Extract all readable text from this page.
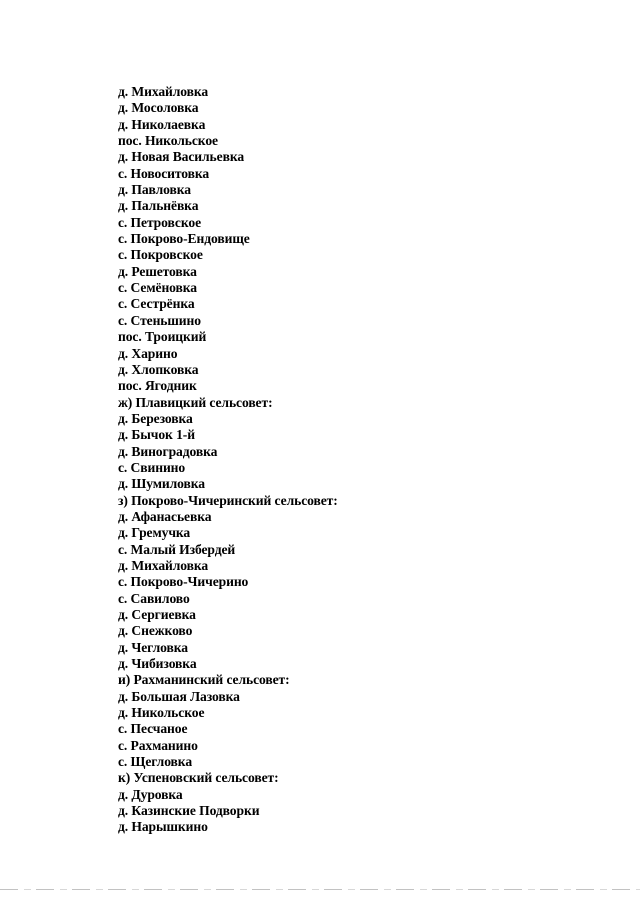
д. Михайловка
д. Мосоловка
д. Николаевка
пос. Никольское
д. Новая Васильевка
с. Новоситовка
д. Павловка
д. Пальнёвка
с. Петровское
с. Покрово-Ендовище
с. Покровское
д. Решетовка
с. Семёновка
с. Сестрёнка
с. Стеньшино
пос. Троицкий
д. Харино
д. Хлопковка
пос. Ягодник
ж) Плавицкий сельсовет:
д. Березовка
д. Бычок 1-й
д. Виноградовка
с. Свинино
д. Шумиловка
з) Покрово-Чичеринский сельсовет:
д. Афанасьевка
д. Гремучка
с. Малый Избердей
д. Михайловка
с. Покрово-Чичерино
с. Савилово
д. Сергиевка
д. Снежково
д. Чегловка
д. Чибизовка
и) Рахманинский сельсовет:
д. Большая Лазовка
д. Никольское
с. Песчаное
с. Рахманино
с. Щегловка
к) Успеновский сельсовет:
д. Дуровка
д. Казинские Подворки
д. Нарышкино
